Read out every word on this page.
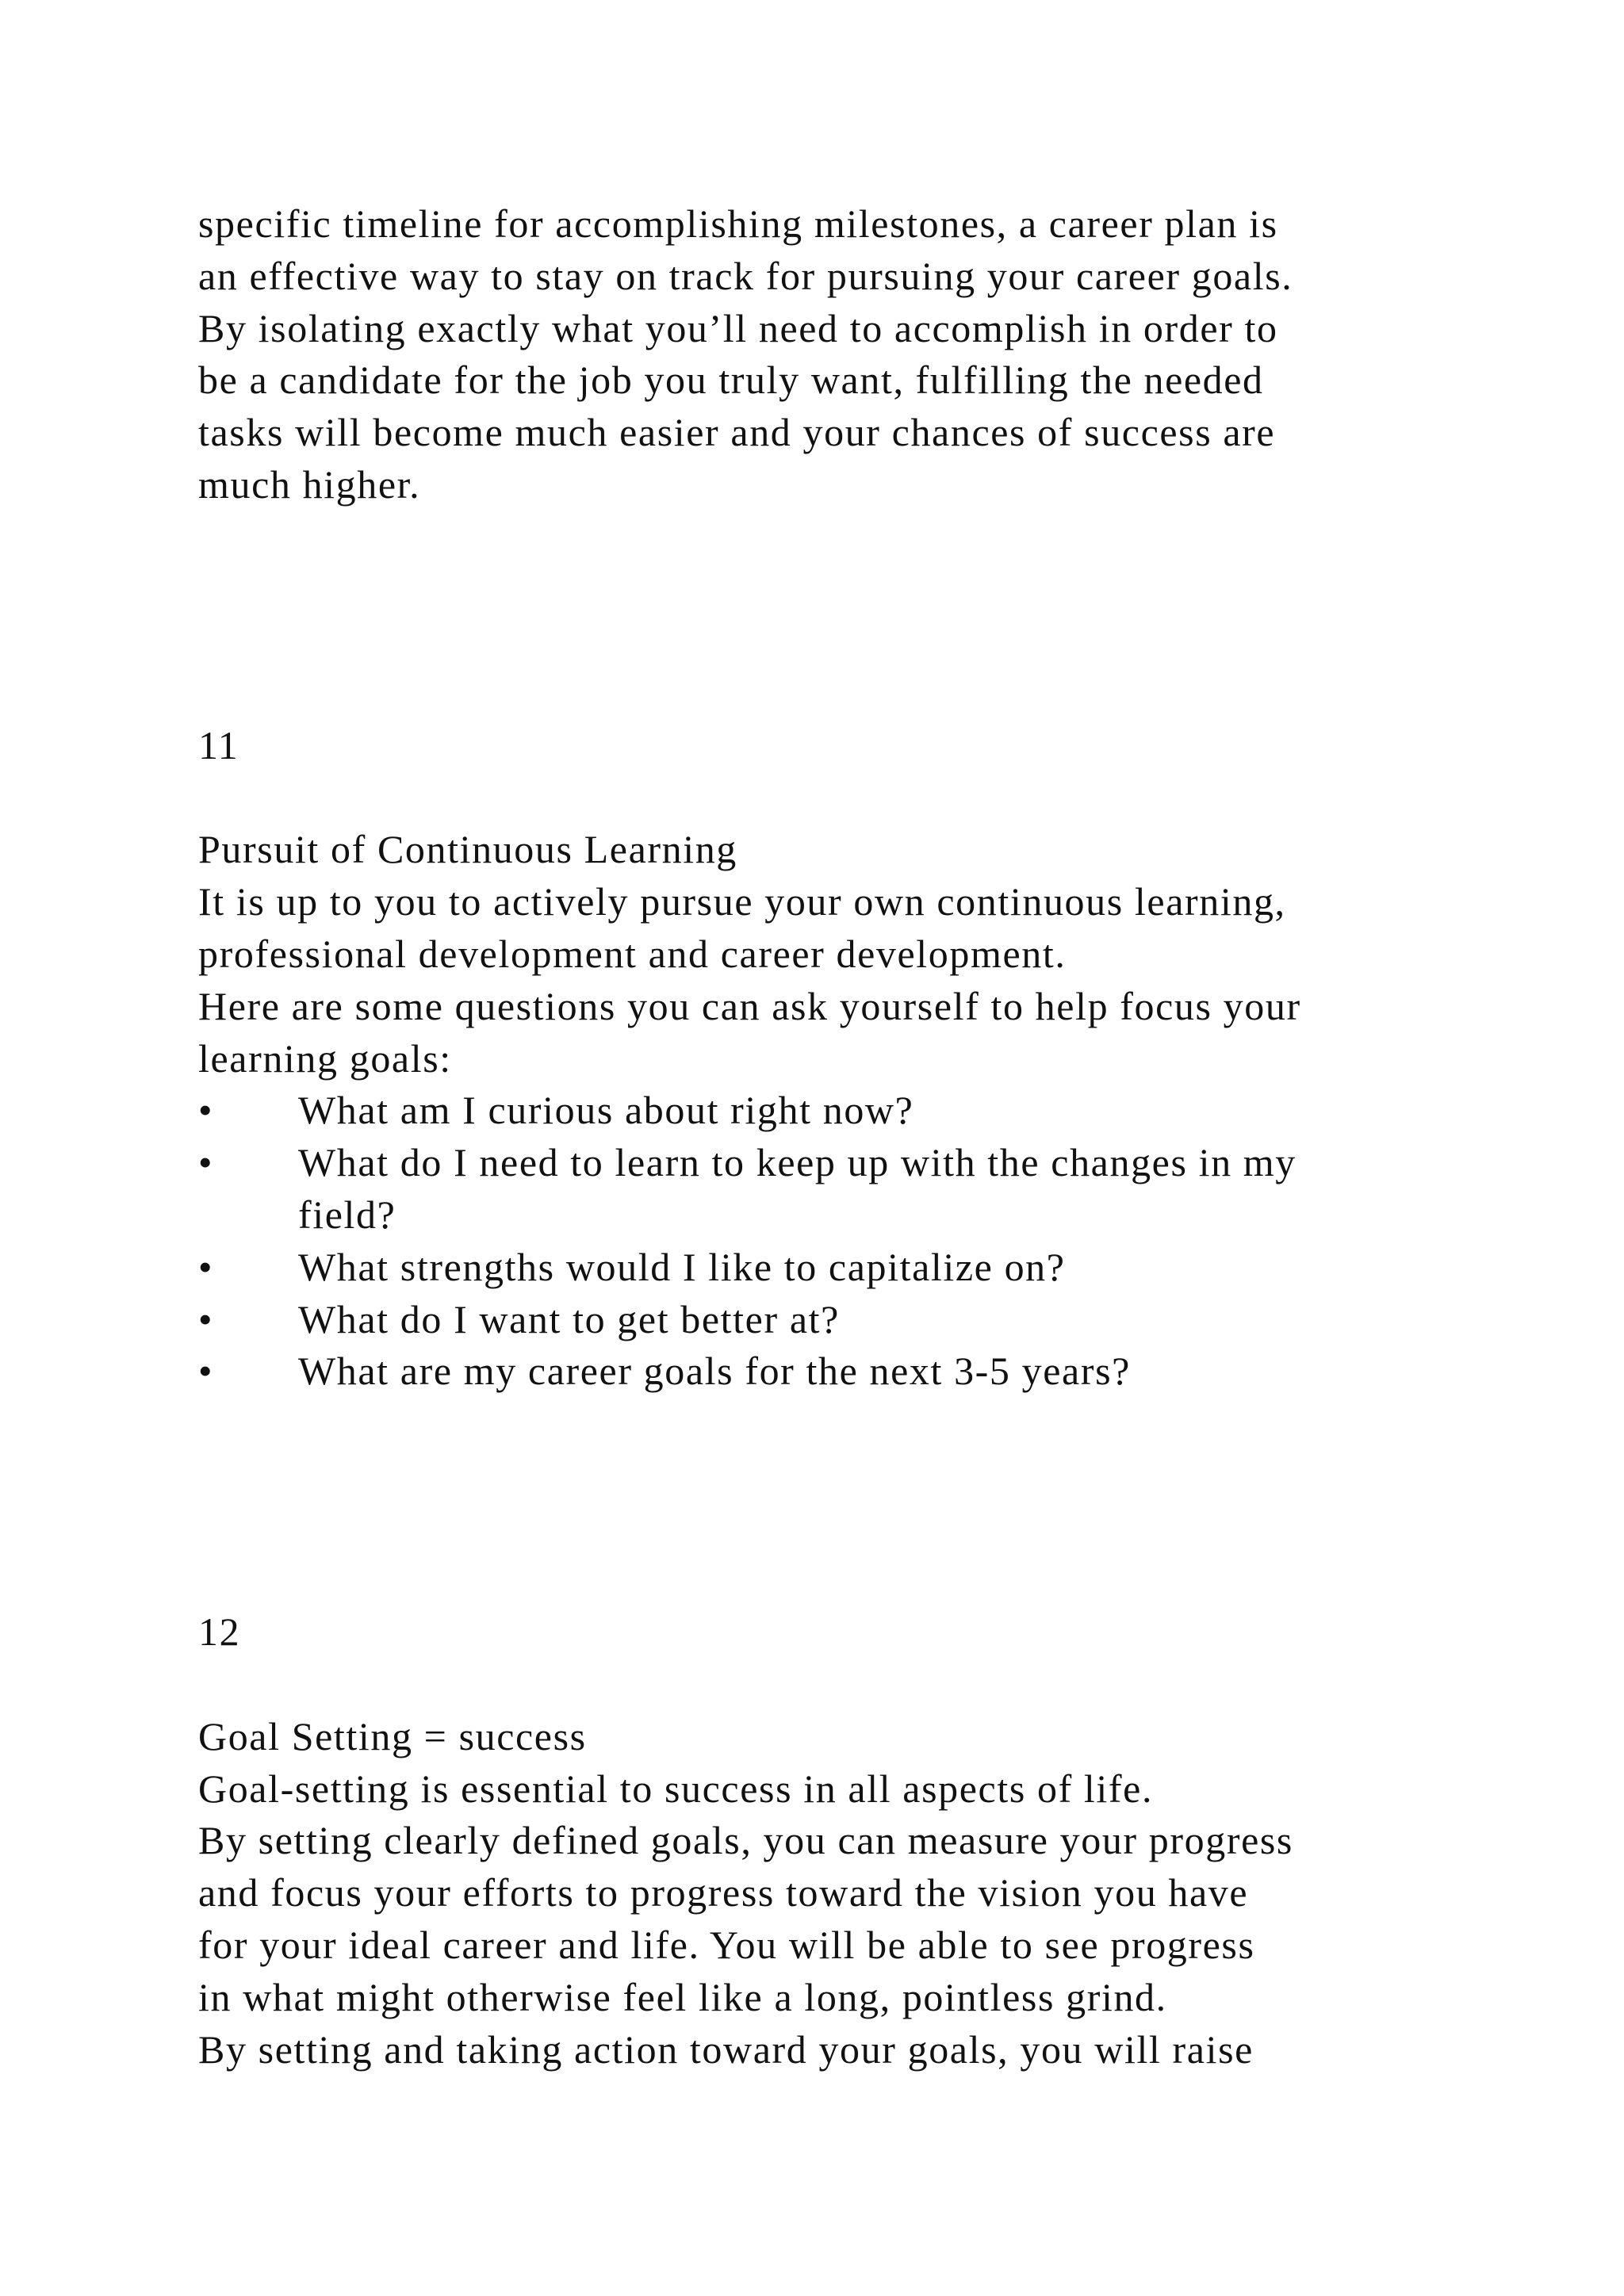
specific timeline for accomplishing milestones, a career plan is
an effective way to stay on track for pursuing your career goals.
By isolating exactly what you’ll need to accomplish in order to
be a candidate for the job you truly want, fulfilling the needed
tasks will become much easier and your chances of success are
much higher.
11
Pursuit of Continuous Learning
It is up to you to actively pursue your own continuous learning,
professional development and career development.
Here are some questions you can ask yourself to help focus your
learning goals:
• What am I curious about right now?
• What do I need to learn to keep up with the changes in my
field?
• What strengths would I like to capitalize on?
• What do I want to get better at?
• What are my career goals for the next 3-5 years?
12
Goal Setting = success
Goal-setting is essential to success in all aspects of life.
By setting clearly defined goals, you can measure your progress
and focus your efforts to progress toward the vision you have
for your ideal career and life. You will be able to see progress
in what might otherwise feel like a long, pointless grind.
By setting and taking action toward your goals, you will raise
